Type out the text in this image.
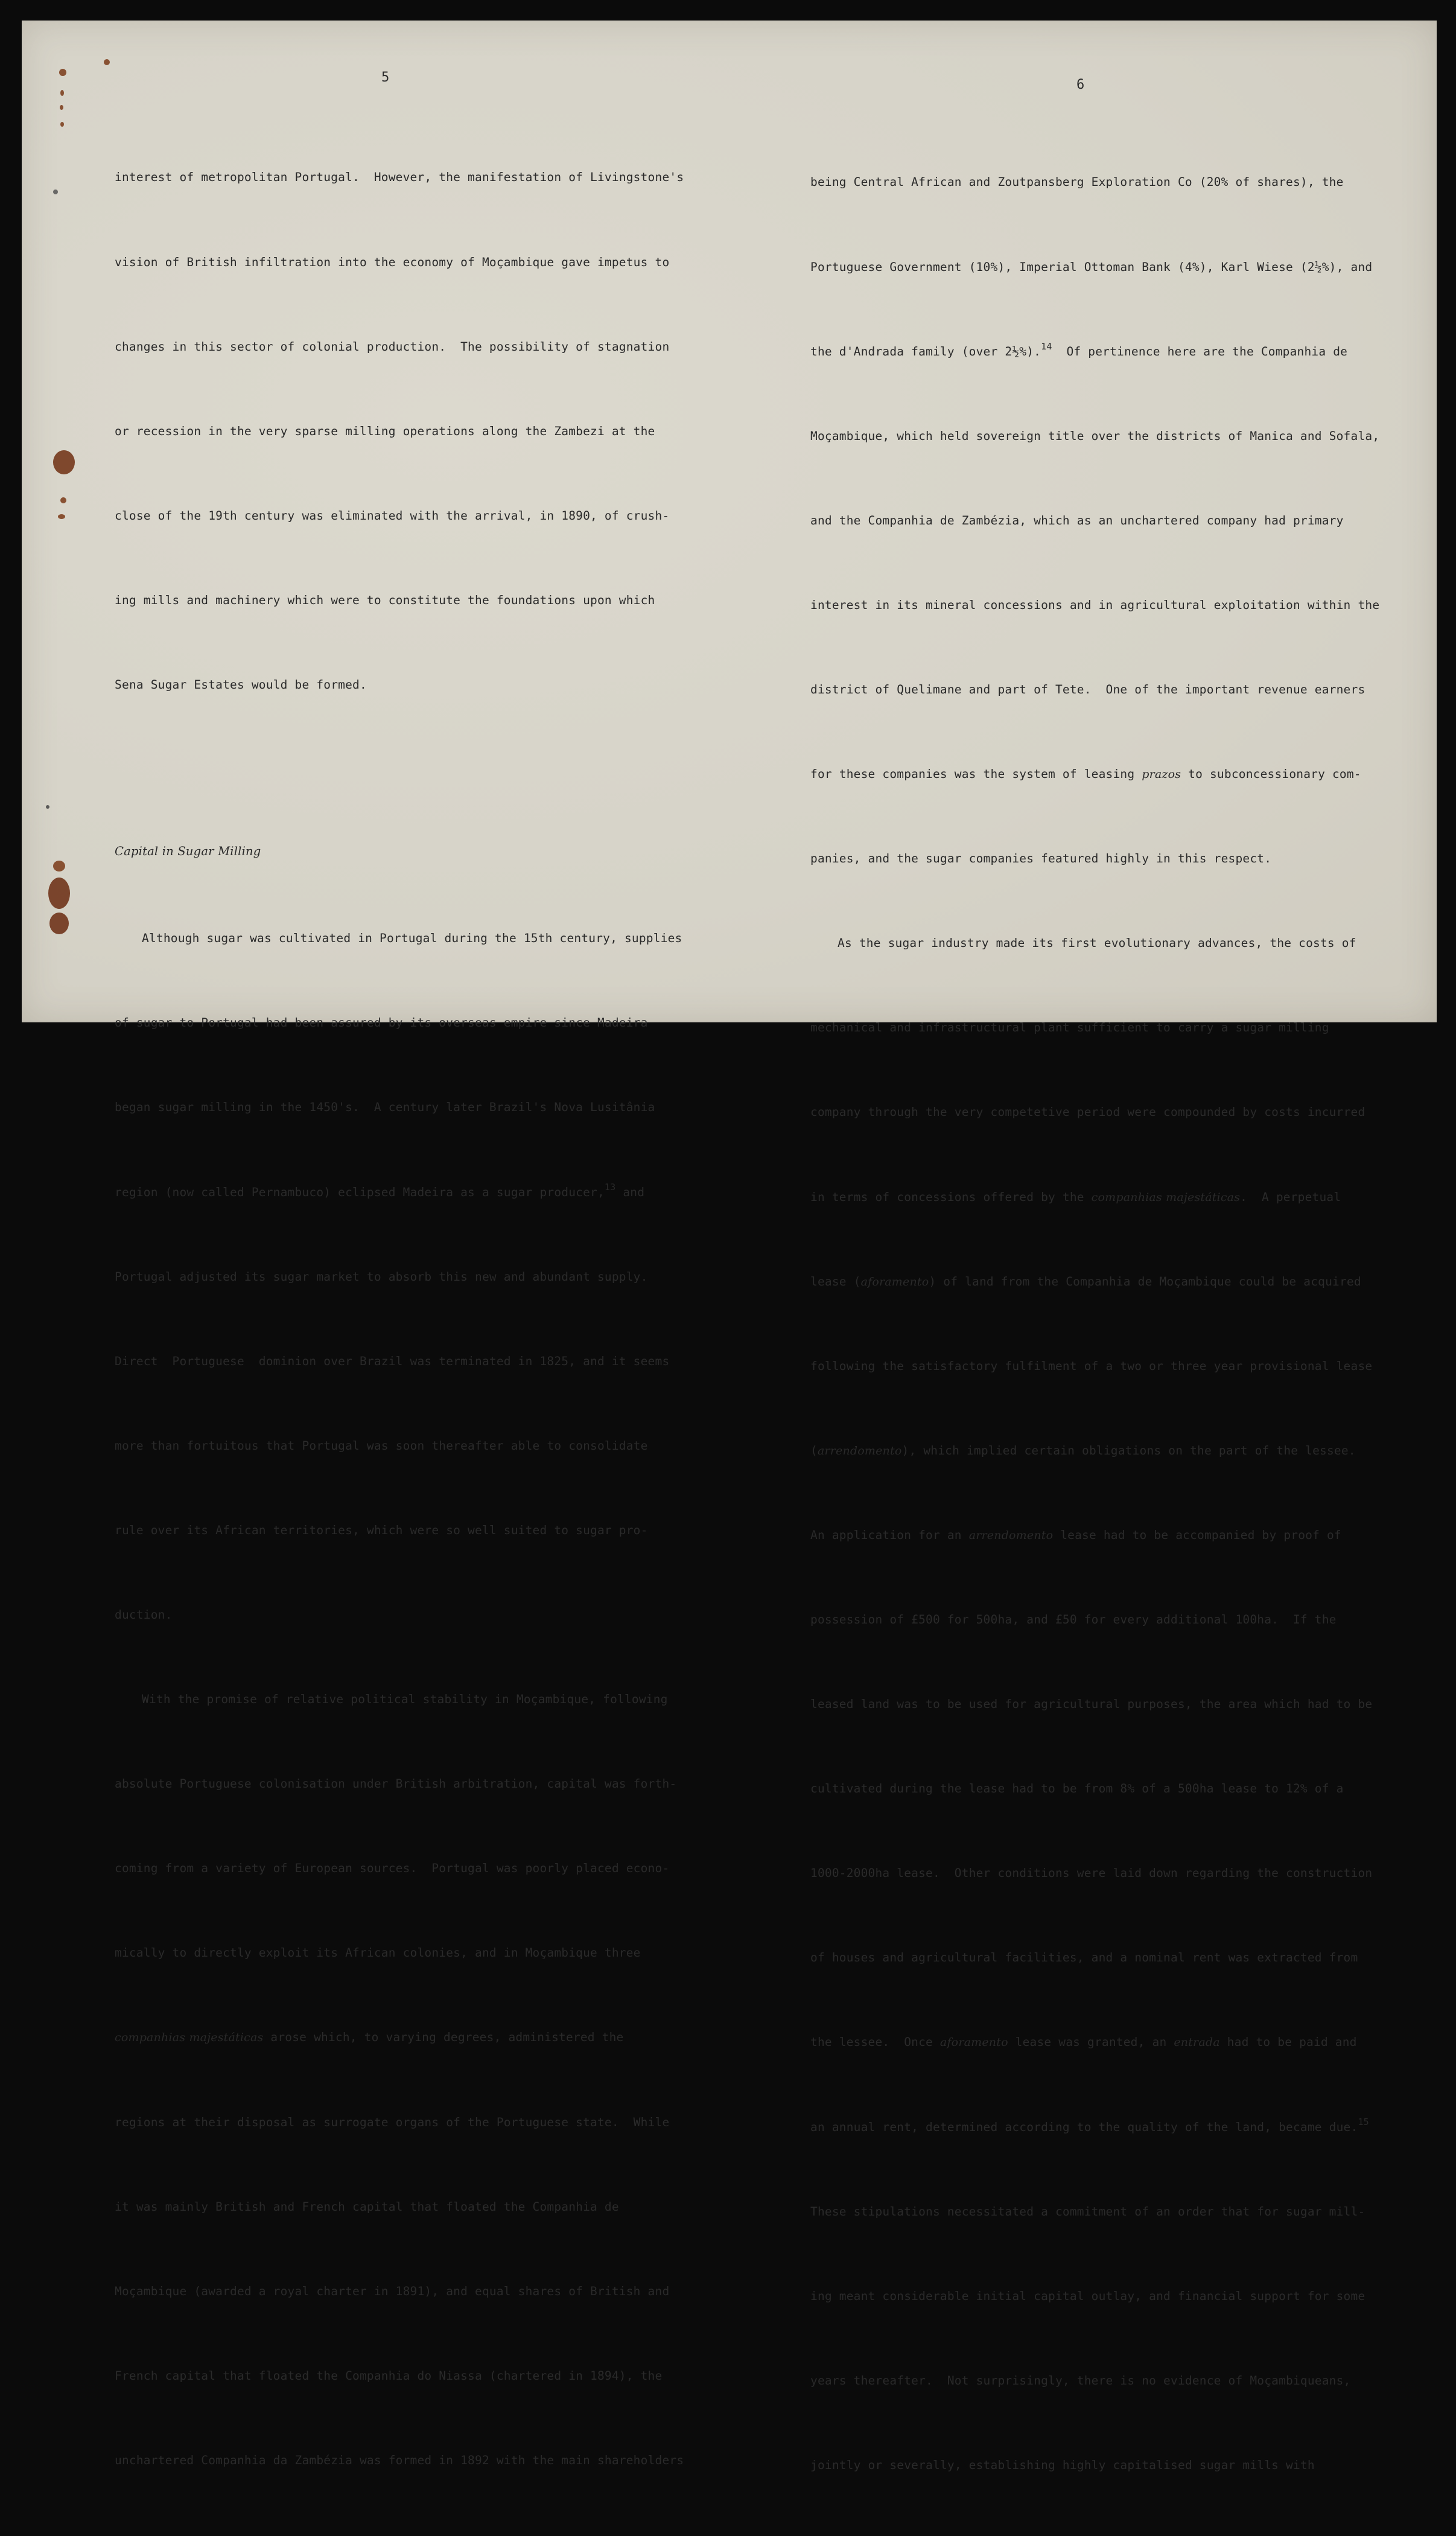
5

interest of metropolitan Portugal.  However, the manifestation of Livingstone's

vision of British infiltration into the economy of Moçambique gave impetus to

changes in this sector of colonial production.  The possibility of stagnation

or recession in the very sparse milling operations along the Zambezi at the

close of the 19th century was eliminated with the arrival, in 1890, of crush-

ing mills and machinery which were to constitute the foundations upon which

Sena Sugar Estates would be formed.

Capital in Sugar Milling

Although sugar was cultivated in Portugal during the 15th century, supplies

of sugar to Portugal had been assured by its overseas empire since Madeira

began sugar milling in the 1450's.  A century later Brazil's Nova Lusitânia

region (now called Pernambuco) eclipsed Madeira as a sugar producer,$^{13}$ and

Portugal adjusted its sugar market to absorb this new and abundant supply.

Direct  Portuguese  dominion over Brazil was terminated in 1825, and it seems

more than fortuitous that Portugal was soon thereafter able to consolidate

rule over its African territories, which were so well suited to sugar pro-

duction.

With the promise of relative political stability in Moçambique, following

absolute Portuguese colonisation under British arbitration, capital was forth-

coming from a variety of European sources.  Portugal was poorly placed econo-

mically to directly exploit its African colonies, and in Moçambique three

companhias majestáticas arose which, to varying degrees, administered the

regions at their disposal as surrogate organs of the Portuguese state.  While

it was mainly British and French capital that floated the Companhia de

Moçambique (awarded a royal charter in 1891), and equal shares of British and

French capital that floated the Companhia do Niassa (chartered in 1894), the

unchartered Companhia da Zambézia was formed in 1892 with the main shareholders

6

being Central African and Zoutpansberg Exploration Co (20% of shares), the

Portuguese Government (10%), Imperial Ottoman Bank (4%), Karl Wiese (2½%), and

the d'Andrada family (over 2½%).$^{14}$  Of pertinence here are the Companhia de

Moçambique, which held sovereign title over the districts of Manica and Sofala,

and the Companhia de Zambézia, which as an unchartered company had primary

interest in its mineral concessions and in agricultural exploitation within the

district of Quelimane and part of Tete.  One of the important revenue earners

for these companies was the system of leasing prazos to subconcessionary com-

panies, and the sugar companies featured highly in this respect.

As the sugar industry made its first evolutionary advances, the costs of

mechanical and infrastructural plant sufficient to carry a sugar milling

company through the very competetive period were compounded by costs incurred

in terms of concessions offered by the companhias majestáticas.  A perpetual

lease (aforamento) of land from the Companhia de Moçambique could be acquired

following the satisfactory fulfilment of a two or three year provisional lease

(arrendomento), which implied certain obligations on the part of the lessee.

An application for an arrendomento lease had to be accompanied by proof of

possession of £500 for 500ha, and £50 for every additional 100ha.  If the

leased land was to be used for agricultural purposes, the area which had to be

cultivated during the lease had to be from 8% of a 500ha lease to 12% of a

1000-2000ha lease.  Other conditions were laid down regarding the construction

of houses and agricultural facilities, and a nominal rent was extracted from

the lessee.  Once aforamento lease was granted, an entrada had to be paid and

an annual rent, determined according to the quality of the land, became due.$^{15}$

These stipulations necessitated a commitment of an order that for sugar mill-

ing meant considerable initial capital outlay, and financial support for some

years thereafter.  Not surprisingly, there is no evidence of Moçambiqueans,

jointly or severally, establishing highly capitalised sugar mills with
